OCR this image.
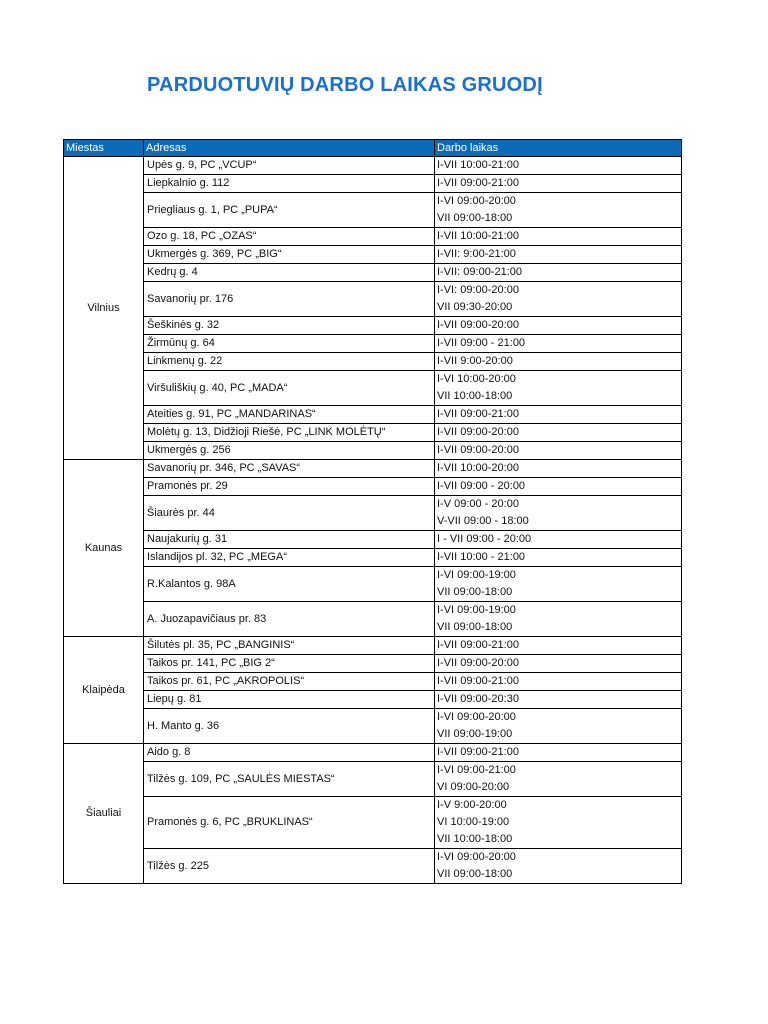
PARDUOTUVIŲ DARBO LAIKAS GRUODĮ
Miestas	Adresas	Darbo laikas
Vilnius	Upės g. 9, PC „VCUP“	I-VII 10:00-21:00

	Liepkalnio g. 112	I-VII 09:00-21:00

	Priegliaus g. 1, PC „PUPA“	I-VI 09:00-20:00
VII 09:00-18:00

	Ozo g. 18, PC „OZAS“	I-VII 10:00-21:00

	Ukmergės g. 369, PC „BIG“	I-VII: 9:00-21:00

	Kedrų g. 4	I-VII: 09:00-21:00

	Savanorių pr. 176	I-VI: 09:00-20:00
VII 09:30-20:00

	Šeškinės g. 32	I-VII 09:00-20:00

	Žirmūnų g. 64	I-VII 09:00 - 21:00

	Linkmenų g. 22	I-VII 9:00-20:00

	Viršuliškių g. 40, PC „MADA“	I-VI 10:00-20:00
VII 10:00-18:00

	Ateities g. 91, PC „MANDARINAS“	I-VII 09:00-21:00

	Molėtų g. 13, Didžioji Riešė, PC „LINK MOLĖTŲ“	I-VII 09:00-20:00

	Ukmergės g. 256	I-VII 09:00-20:00

Kaunas	Savanorių pr. 346, PC „SAVAS“	I-VII 10:00-20:00

	Pramonės pr. 29	I-VII 09:00 - 20:00

	Šiaurės pr. 44	I-V 09:00 - 20:00
V-VII 09:00 - 18:00

	Naujakurių g. 31	I - VII 09:00 - 20:00

	Islandijos pl. 32, PC „MEGA“	I-VII 10:00 - 21:00

	R.Kalantos g. 98A	I-VI 09:00-19:00
VII 09:00-18:00

	A. Juozapavičiaus pr. 83	I-VI 09:00-19:00
VII 09:00-18:00

Klaipėda	Šilutės pl. 35, PC „BANGINIS“	I-VII 09:00-21:00

	Taikos pr. 141, PC „BIG 2“	I-VII 09:00-20:00

	Taikos pr. 61, PC „AKROPOLIS“	I-VII 09:00-21:00

	Liepų g. 81	I-VII 09:00-20:30

	H. Manto g. 36	I-VI 09:00-20:00
VII 09:00-19:00

Šiauliai	Aido g. 8	I-VII 09:00-21:00

	Tilžės g. 109, PC „SAULĖS MIESTAS“	I-VI 09:00-21:00
VI 09:00-20:00

	Pramonės g. 6, PC „BRUKLINAS“	I-V 9:00-20:00
VI 10:00-19:00
VII 10:00-18:00

	Tilžės g. 225	I-VI 09:00-20:00
VII 09:00-18:00
